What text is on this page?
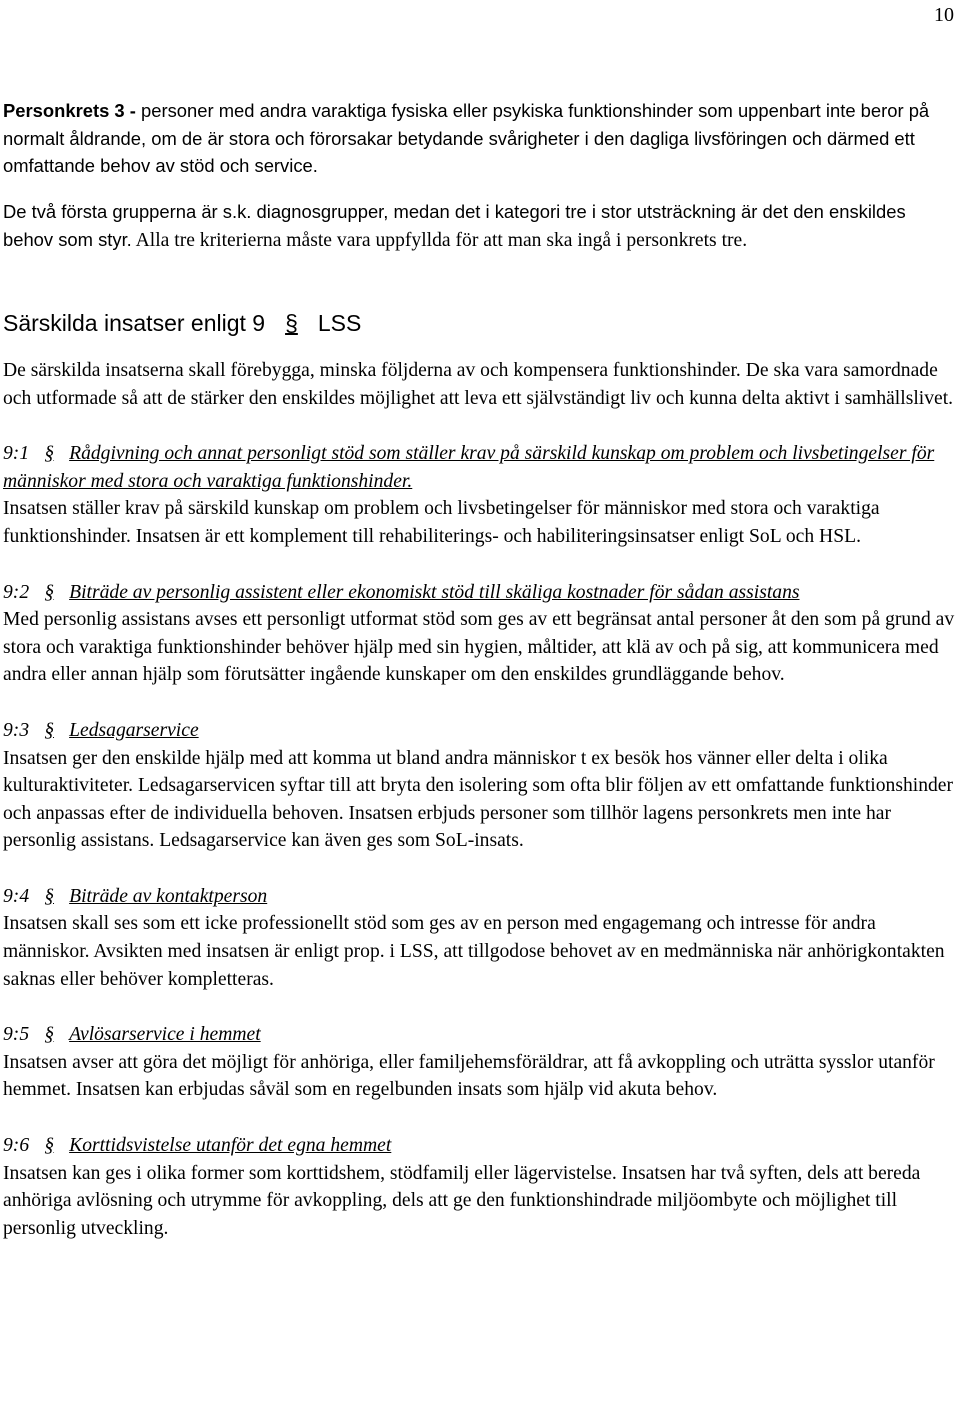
10

Personkrets 3 - personer med andra varaktiga fysiska eller psykiska funktionshinder som uppenbart inte beror på normalt åldrande, om de är stora och förorsakar betydande svårigheter i den dagliga livsföringen och därmed ett omfattande behov av stöd och service.

De två första grupperna är s.k. diagnosgrupper, medan det i kategori tre i stor utsträckning är det den enskildes behov som styr. Alla tre kriterierna måste vara uppfyllda för att man ska ingå i personkrets tre.

Särskilda insatser enligt 9 § LSS

De särskilda insatserna skall förebygga, minska följderna av och kompensera funktionshinder. De ska vara samordnade och utformade så att de stärker den enskildes möjlighet att leva ett självständigt liv och kunna delta aktivt i samhällslivet.

9:1 § Rådgivning och annat personligt stöd som ställer krav på särskild kunskap om problem och livsbetingelser för människor med stora och varaktiga funktionshinder.

Insatsen ställer krav på särskild kunskap om problem och livsbetingelser för människor med stora och varaktiga funktionshinder. Insatsen är ett komplement till rehabiliterings- och habiliteringsinsatser enligt SoL och HSL.

9:2 § Biträde av personlig assistent eller ekonomiskt stöd till skäliga kostnader för sådan assistans

Med personlig assistans avses ett personligt utformat stöd som ges av ett begränsat antal personer åt den som på grund av stora och varaktiga funktionshinder behöver hjälp med sin hygien, måltider, att klä av och på sig, att kommunicera med andra eller annan hjälp som förutsätter ingående kunskaper om den enskildes grundläggande behov.

9:3 § Ledsagarservice

Insatsen ger den enskilde hjälp med att komma ut bland andra människor t ex besök hos vänner eller delta i olika kulturaktiviteter. Ledsagarservicen syftar till att bryta den isolering som ofta blir följen av ett omfattande funktionshinder och anpassas efter de individuella behoven. Insatsen erbjuds personer som tillhör lagens personkrets men inte har personlig assistans. Ledsagarservice kan även ges som SoL-insats.

9:4 § Biträde av kontaktperson

Insatsen skall ses som ett icke professionellt stöd som ges av en person med engagemang och intresse för andra människor. Avsikten med insatsen är enligt prop. i LSS, att tillgodose behovet av en medmänniska när anhörigkontakten saknas eller behöver kompletteras.

9:5 § Avlösarservice i hemmet

Insatsen avser att göra det möjligt för anhöriga, eller familjehemsföräldrar, att få avkoppling och uträtta sysslor utanför hemmet. Insatsen kan erbjudas såväl som en regelbunden insats som hjälp vid akuta behov.

9:6 § Korttidsvistelse utanför det egna hemmet

Insatsen kan ges i olika former som korttidshem, stödfamilj eller lägervistelse. Insatsen har två syften, dels att bereda anhöriga avlösning och utrymme för avkoppling, dels att ge den funktionshindrade miljöombyte och möjlighet till personlig utveckling.
